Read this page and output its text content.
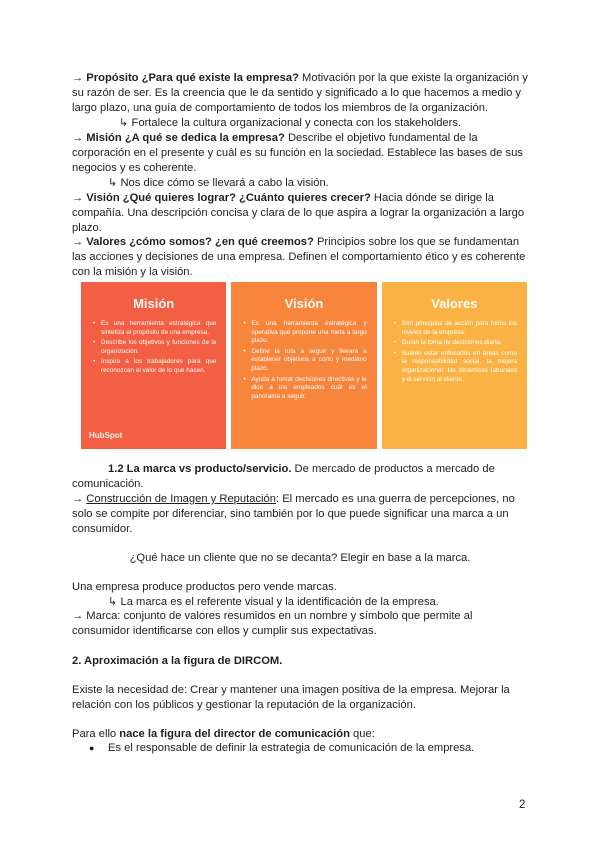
→ Propósito ¿Para qué existe la empresa? Motivación por la que existe la organización y
su razón de ser. Es la creencia que le da sentido y significado a lo que hacemos a medio y
largo plazo, una guía de comportamiento de todos los miembros de la organización.
↳ Fortalece la cultura organizacional y conecta con los stakeholders.
→ Misión ¿A qué se dedica la empresa? Describe el objetivo fundamental de la
corporación en el presente y cuál es su función en la sociedad. Establece las bases de sus
negocios y es coherente.
↳ Nos dice cómo se llevará a cabo la visión.
→ Visión ¿Qué quieres lograr? ¿Cuánto quieres crecer? Hacia dónde se dirige la
compañía. Una descripción concisa y clara de lo que aspira a lograr la organización a largo
plazo.
→ Valores ¿cómo somos? ¿en qué creemos? Principios sobre los que se fundamentan
las acciones y decisiones de una empresa. Definen el comportamiento ético y es coherente
con la misión y la visión.
Misión
• Es una herramienta estratégica que sintetiza el propósito de una empresa.
• Describe los objetivos y funciones de la organización.
• Inspira a los trabajadores para que reconozcan el valor de lo que hacen.
HubSpot
Visión
• Es una herramienta estratégica y operativa que propone una meta a largo plazo.
• Define la ruta a seguir y llevará a establecer objetivos a corto y mediano plazo.
• Ayuda a tomar decisiones directivas y le dice a los empleados cuál es el panorama a seguir.
Valores
• Son principios de acción para todos los niveles de la empresa.
• Guían la toma de decisiones diaria.
• Suelen estar enfocados en áreas como la responsabilidad social, la mejora organizacional, las dinámicas laborales y el servicio al cliente.
1.2 La marca vs producto/servicio. De mercado de productos a mercado de
comunicación.
→ Construcción de Imagen y Reputación: El mercado es una guerra de percepciones, no
solo se compite por diferenciar, sino también por lo que puede significar una marca a un
consumidor.
¿Qué hace un cliente que no se decanta? Elegir en base a la marca.
Una empresa produce productos pero vende marcas.
↳ La marca es el referente visual y la identificación de la empresa.
→ Marca: conjunto de valores resumidos en un nombre y símbolo que permite al
consumidor identificarse con ellos y cumplir sus expectativas.
2. Aproximación a la figura de DIRCOM.
Existe la necesidad de: Crear y mantener una imagen positiva de la empresa. Mejorar la
relación con los públicos y gestionar la reputación de la organización.
Para ello nace la figura del director de comunicación que:
● Es el responsable de definir la estrategia de comunicación de la empresa.
2
